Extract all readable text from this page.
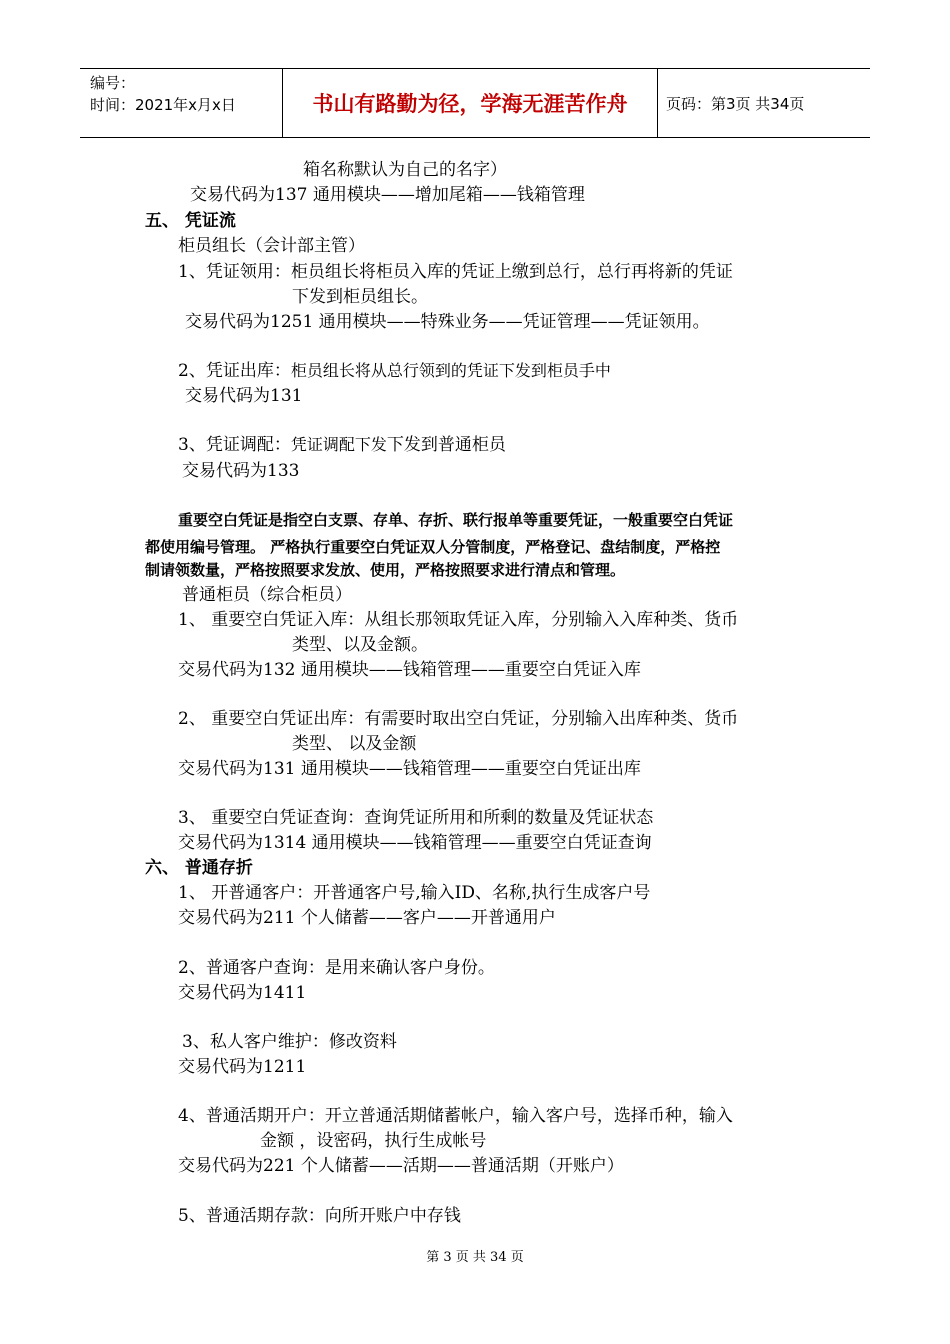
编号：
时间：2021年x月x日	书山有路勤为径，学海无涯苦作舟	页码：第3页 共34页
箱名称默认为自己的名字）
交易代码为137 通用模块——增加尾箱——钱箱管理
五、 凭证流
柜员组长（会计部主管）
1、凭证领用：柜员组长将柜员入库的凭证上缴到总行，总行再将新的凭证
下发到柜员组长。
交易代码为1251 通用模块——特殊业务——凭证管理——凭证领用。
2、凭证出库：柜员组长将从总行领到的凭证下发到柜员手中
交易代码为131
3、凭证调配：凭证调配下发下发到普通柜员
交易代码为133
重要空白凭证是指空白支票、存单、存折、联行报单等重要凭证，一般重要空白凭证
都使用编号管理。 严格执行重要空白凭证双人分管制度，严格登记、盘结制度，严格控
制请领数量，严格按照要求发放、使用，严格按照要求进行清点和管理。
普通柜员（综合柜员）
1、 重要空白凭证入库：从组长那领取凭证入库，分别输入入库种类、货币
类型、以及金额。
交易代码为132 通用模块——钱箱管理——重要空白凭证入库
2、 重要空白凭证出库：有需要时取出空白凭证，分别输入出库种类、货币
类型、 以及金额
交易代码为131 通用模块——钱箱管理——重要空白凭证出库
3、 重要空白凭证查询：查询凭证所用和所剩的数量及凭证状态
交易代码为1314 通用模块——钱箱管理——重要空白凭证查询
六、 普通存折
1、 开普通客户：开普通客户号,输入ID、名称,执行生成客户号
交易代码为211 个人储蓄——客户——开普通用户
2、普通客户查询：是用来确认客户身份。
交易代码为1411
3、私人客户维护：修改资料
交易代码为1211
4、普通活期开户：开立普通活期储蓄帐户，输入客户号，选择币种，输入
金额 ，设密码，执行生成帐号
交易代码为221 个人储蓄——活期——普通活期（开账户）
5、普通活期存款：向所开账户中存钱
第 3 页 共 34 页
